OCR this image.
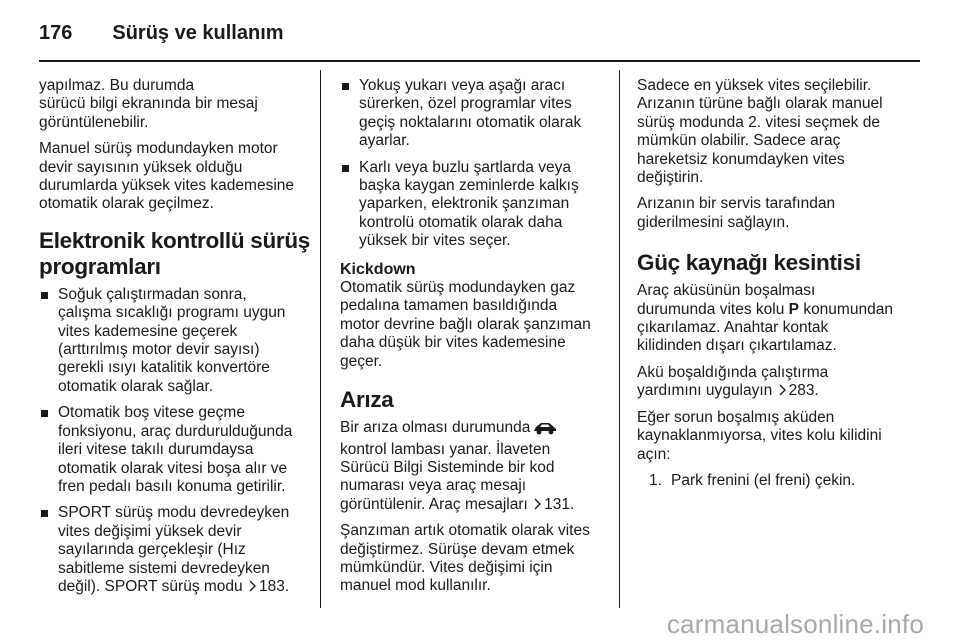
176 Sürüş ve kullanım

yapılmaz. Bu durumda
sürücü bilgi ekranında bir mesaj
görüntülenebilir.

Manuel sürüş modundayken motor
devir sayısının yüksek olduğu
durumlarda yüksek vites kademesine
otomatik olarak geçilmez.

Elektronik kontrollü sürüş
programları
Soğuk çalıştırmadan sonra,
çalışma sıcaklığı programı uygun
vites kademesine geçerek
(arttırılmış motor devir sayısı)
gerekli ısıyı katalitik konvertöre
otomatik olarak sağlar.
Otomatik boş vitese geçme
fonksiyonu, araç durdurulduğunda
ileri vitese takılı durumdaysa
otomatik olarak vitesi boşa alır ve
fren pedalı basılı konuma getirilir.
SPORT sürüş modu devredeyken
vites değişimi yüksek devir
sayılarında gerçekleşir (Hız
sabitleme sistemi devredeyken
değil). SPORT sürüş modu 183.
Yokuş yukarı veya aşağı aracı
sürerken, özel programlar vites
geçiş noktalarını otomatik olarak
ayarlar.
Karlı veya buzlu şartlarda veya
başka kaygan zeminlerde kalkış
yaparken, elektronik şanzıman
kontrolü otomatik olarak daha
yüksek bir vites seçer.
Kickdown

Otomatik sürüş modundayken gaz
pedalına tamamen basıldığında
motor devrine bağlı olarak şanzıman
daha düşük bir vites kademesine
geçer.

Arıza

Bir arıza olması durumunda
kontrol lambası yanar. İlaveten
Sürücü Bilgi Sisteminde bir kod
numarası veya araç mesajı
görüntülenir. Araç mesajları 131.

Şanzıman artık otomatik olarak vites
değiştirmez. Sürüşe devam etmek
mümkündür. Vites değişimi için
manuel mod kullanılır.

Sadece en yüksek vites seçilebilir.
Arızanın türüne bağlı olarak manuel
sürüş modunda 2. vitesi seçmek de
mümkün olabilir. Sadece araç
hareketsiz konumdayken vites
değiştirin.

Arızanın bir servis tarafından
giderilmesini sağlayın.

Güç kaynağı kesintisi

Araç aküsünün boşalması
durumunda vites kolu P konumundan
çıkarılamaz. Anahtar kontak
kilidinden dışarı çıkartılamaz.

Akü boşaldığında çalıştırma
yardımını uygulayın 283.

Eğer sorun boşalmış aküden
kaynaklanmıyorsa, vites kolu kilidini
açın:

1. Park frenini (el freni) çekin.

carmanualsonline.info
